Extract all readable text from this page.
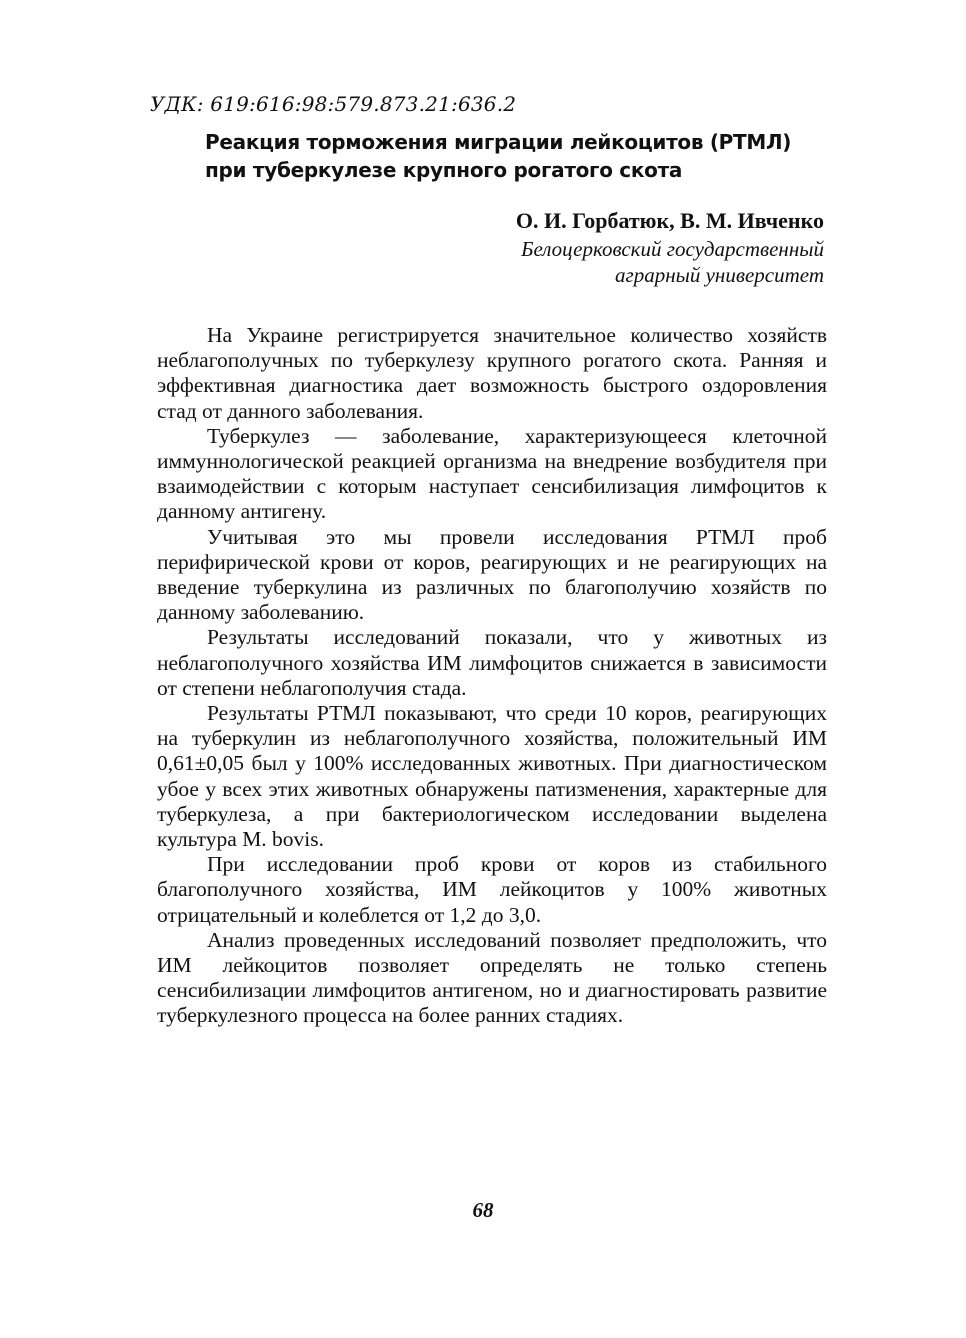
УДК: 619:616:98:579.873.21:636.2
Реакция торможения миграции лейкоцитов (РТМЛ)
при туберкулезе крупного рогатого скота
О. И. Горбатюк, В. М. Ивченко
Белоцерковский государственный
аграрный университет

На Украине регистрируется значительное количество хозяйств неблагополучных по туберкулезу крупного рогатого скота. Ранняя и эффективная диагностика дает возможность быстрого оздоровления стад от данного заболевания.

Туберкулез — заболевание, характеризующееся клеточной иммуннологической реакцией организма на внедрение возбудителя при взаимодействии с которым наступает сенсибилизация лимфоцитов к данному антигену.

Учитывая это мы провели исследования РТМЛ проб перифирической крови от коров, реагирующих и не реагирующих на введение туберкулина из различных по благополучию хозяйств по данному заболеванию.

Результаты исследований показали, что у животных из неблагополучного хозяйства ИМ лимфоцитов снижается в зависимости от степени неблагополучия стада.

Результаты РТМЛ показывают, что среди 10 коров, реагирующих на туберкулин из неблагополучного хозяйства, положительный ИМ 0,61±0,05 был у 100% исследованных животных. При диагностическом убое у всех этих животных обнаружены патизменения, характерные для туберкулеза, а при бактериологическом исследовании выделена культура M. bovis.

При исследовании проб крови от коров из стабильного благополучного хозяйства, ИМ лейкоцитов у 100% животных отрицательный и колеблется от 1,2 до 3,0.

Анализ проведенных исследований позволяет предположить, что ИМ лейкоцитов позволяет определять не только степень сенсибилизации лимфоцитов антигеном, но и диагностировать развитие туберкулезного процесса на более ранних стадиях.

68
